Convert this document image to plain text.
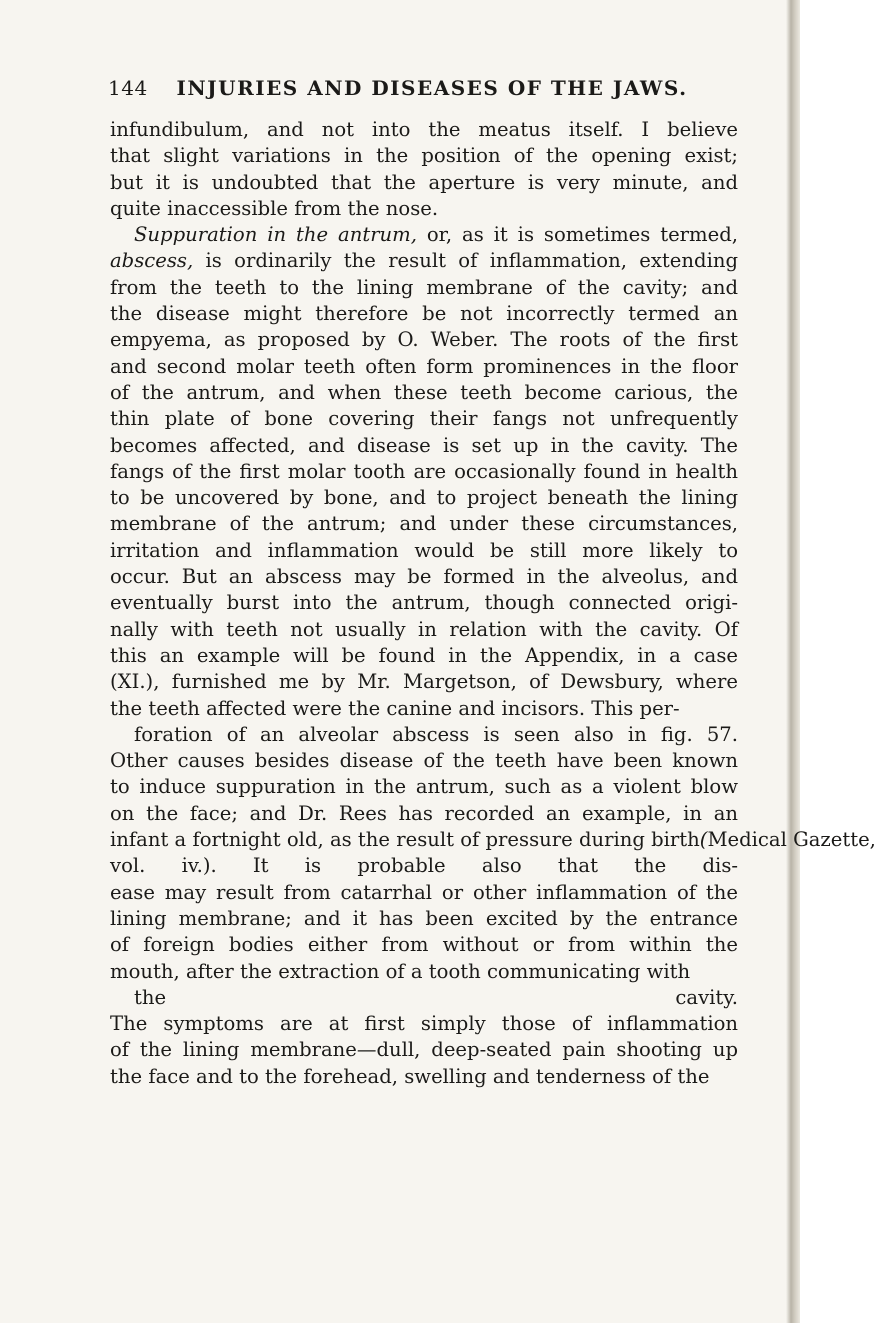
144 INJURIES AND DISEASES OF THE JAWS.
infundibulum, and not into the meatus itself. I believe
that slight variations in the position of the opening exist;
but it is undoubted that the aperture is very minute, and
quite inaccessible from the nose.
Suppuration in the antrum, or, as it is sometimes termed,
abscess, is ordinarily the result of inflammation, extending
from the teeth to the lining membrane of the cavity; and
the disease might therefore be not incorrectly termed an
empyema, as proposed by O. Weber. The roots of the first
and second molar teeth often form prominences in the floor
of the antrum, and when these teeth become carious, the
thin plate of bone covering their fangs not unfrequently
becomes affected, and disease is set up in the cavity. The
fangs of the first molar tooth are occasionally found in health
to be uncovered by bone, and to project beneath the lining
membrane of the antrum; and under these circumstances,
irritation and inflammation would be still more likely to
occur. But an abscess may be formed in the alveolus, and
eventually burst into the antrum, though connected origi-
nally with teeth not usually in relation with the cavity. Of
this an example will be found in the Appendix, in a case
(XI.), furnished me by Mr. Margetson, of Dewsbury, where
the teeth affected were the canine and incisors. This per-
foration of an alveolar abscess is seen also in fig. 57.
Other causes besides disease of the teeth have been known
to induce suppuration in the antrum, such as a violent blow
on the face; and Dr. Rees has recorded an example, in an
infant a fortnight old, as the result of pressure during birth(Medical Gazette,
vol. iv.). It is probable also that the dis-
ease may result from catarrhal or other inflammation of the
lining membrane; and it has been excited by the entrance
of foreign bodies either from without or from within the
mouth, after the extraction of a tooth communicating with
the cavity.
The symptoms are at first simply those of inflammation
of the lining membrane—dull, deep-seated pain shooting up
the face and to the forehead, swelling and tenderness of the
